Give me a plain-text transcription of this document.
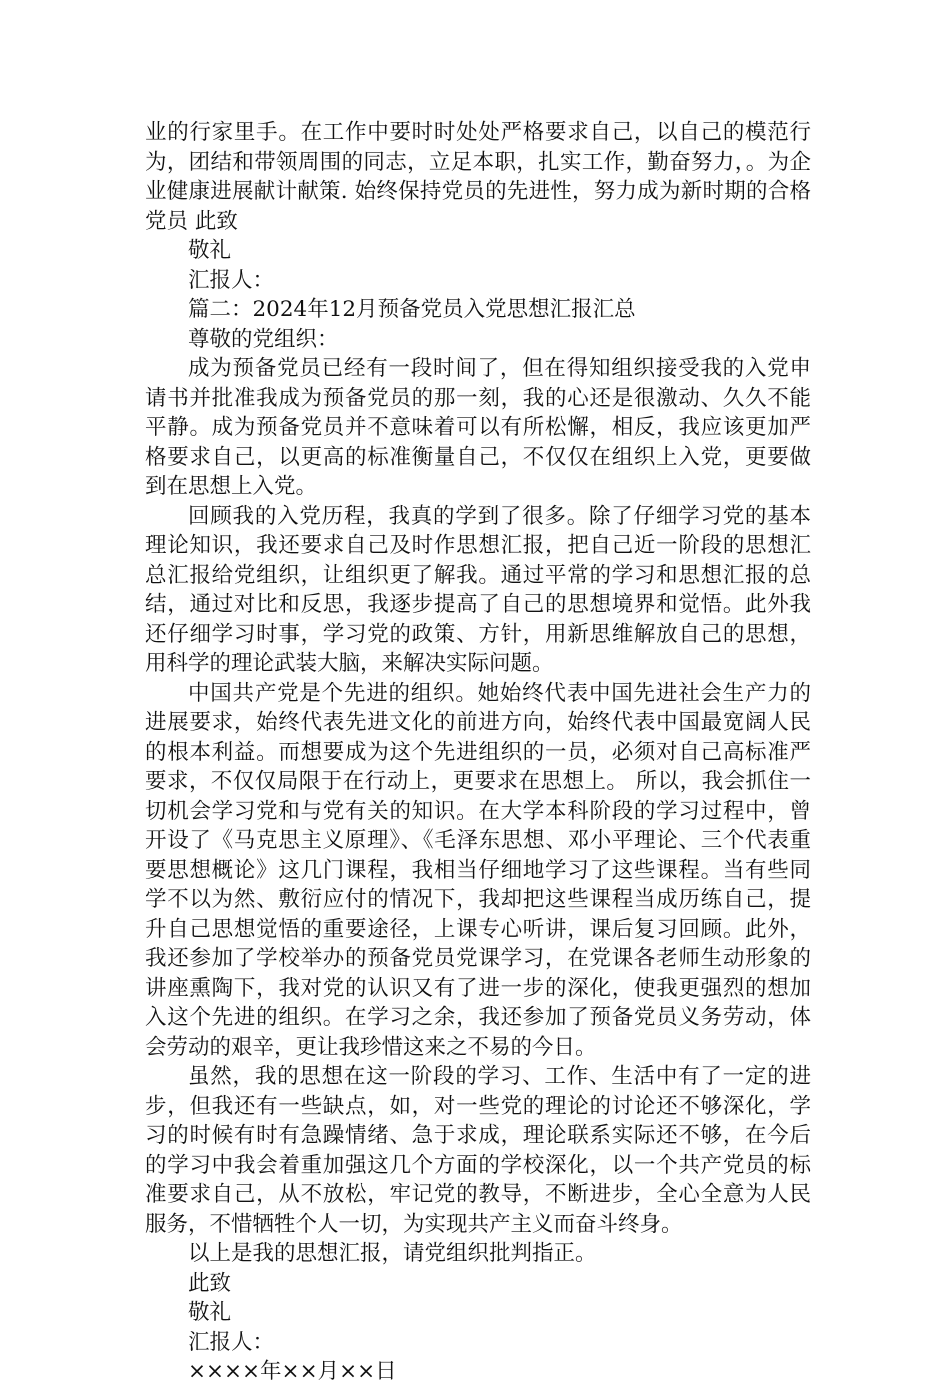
业的行家里手。在工作中要时时处处严格要求自己，以自己的模范行为，团结和带领周围的同志，立足本职，扎实工作，勤奋努力，。为企业健康进展献计献策. 始终保持党员的先进性，努力成为新时期的合格党员 此致

敬礼

汇报人：

篇二：2024年12月预备党员入党思想汇报汇总

尊敬的党组织：

成为预备党员已经有一段时间了，但在得知组织接受我的入党申请书并批准我成为预备党员的那一刻，我的心还是很激动、久久不能平静。成为预备党员并不意味着可以有所松懈，相反，我应该更加严格要求自己，以更高的标准衡量自己，不仅仅在组织上入党，更要做到在思想上入党。

回顾我的入党历程，我真的学到了很多。除了仔细学习党的基本理论知识，我还要求自己及时作思想汇报，把自己近一阶段的思想汇总汇报给党组织，让组织更了解我。通过平常的学习和思想汇报的总结，通过对比和反思，我逐步提高了自己的思想境界和觉悟。此外我还仔细学习时事，学习党的政策、方针，用新思维解放自己的思想，用科学的理论武装大脑，来解决实际问题。

中国共产党是个先进的组织。她始终代表中国先进社会生产力的进展要求，始终代表先进文化的前进方向，始终代表中国最宽阔人民的根本利益。而想要成为这个先进组织的一员，必须对自己高标准严要求，不仅仅局限于在行动上，更要求在思想上。 所以，我会抓住一切机会学习党和与党有关的知识。在大学本科阶段的学习过程中，曾开设了《马克思主义原理》、《毛泽东思想、邓小平理论、三个代表重要思想概论》这几门课程，我相当仔细地学习了这些课程。当有些同学不以为然、敷衍应付的情况下，我却把这些课程当成历练自己，提升自己思想觉悟的重要途径，上课专心听讲，课后复习回顾。此外，我还参加了学校举办的预备党员党课学习，在党课各老师生动形象的讲座熏陶下，我对党的认识又有了进一步的深化，使我更强烈的想加入这个先进的组织。在学习之余，我还参加了预备党员义务劳动，体会劳动的艰辛，更让我珍惜这来之不易的今日。

虽然，我的思想在这一阶段的学习、工作、生活中有了一定的进步，但我还有一些缺点，如，对一些党的理论的讨论还不够深化，学习的时候有时有急躁情绪、急于求成，理论联系实际还不够，在今后的学习中我会着重加强这几个方面的学校深化，以一个共产党员的标准要求自己，从不放松，牢记党的教导，不断进步，全心全意为人民服务，不惜牺牲个人一切，为实现共产主义而奋斗终身。

以上是我的思想汇报，请党组织批判指正。

此致

敬礼

汇报人：

××××年××月××日
